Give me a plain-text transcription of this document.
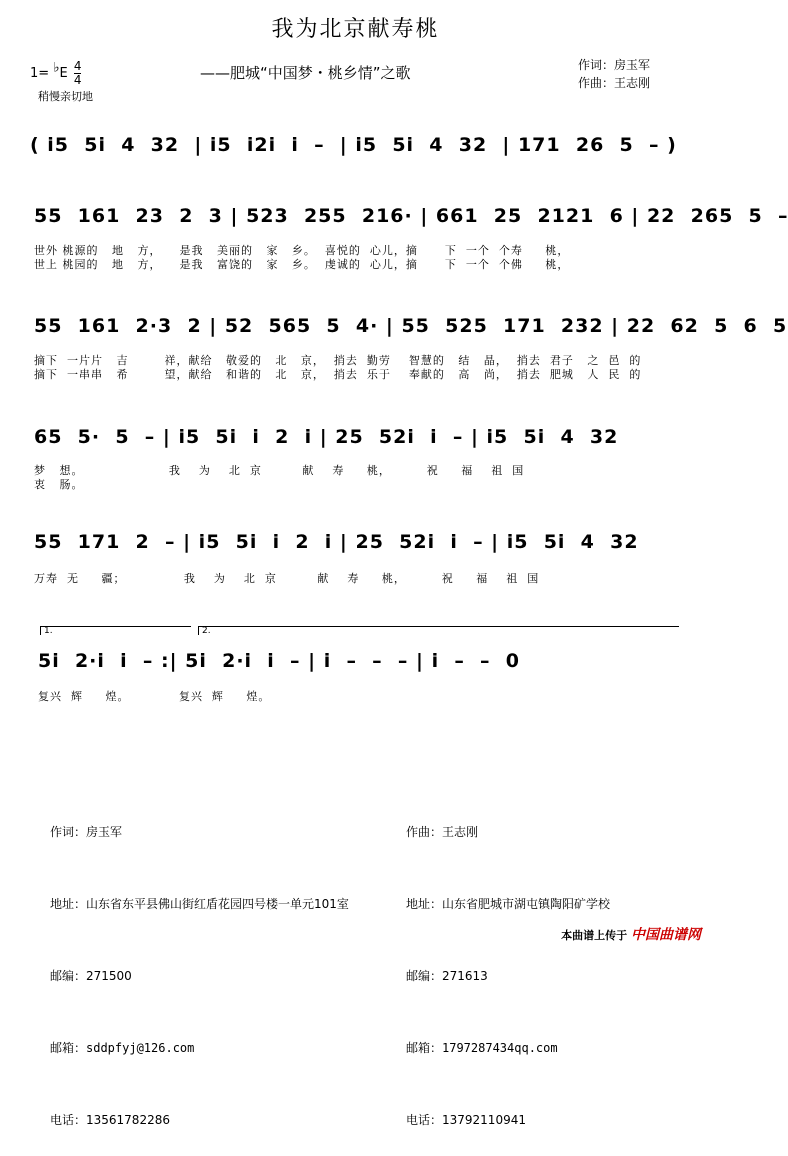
我为北京献寿桃
——肥城“中国梦・桃乡情”之歌
$1= ^♭E \frac{4}{4}$
稍慢亲切地
作词：房玉军
作曲：王志刚
( i5  5i  4  32  | i5  i2i  i  –  | i5  5i  4  32  | 171  26  5  – )
55  161  23  2  3 | 523  255  216· | 661  25  2121  6 | 22  265  5  –
世外 桃源的   地   方，    是我   美丽的   家   乡。  喜悦的  心儿，摘      下  一个  个寿     桃，
世上 桃园的   地   方，    是我   富饶的   家   乡。  虔诚的  心儿，摘      下  一个  个佛     桃，
55  161  2·3  2 | 52  565  5  4· | 55  525  171  232 | 22  62  5  6  5
摘下  一片片   吉        祥，献给   敬爱的   北   京，  捎去  勤劳    智慧的   结   晶，  捎去  君子   之  邑  的
摘下  一串串   希        望，献给   和谐的   北   京，  捎去  乐于    奉献的   高   尚，  捎去  肥城   人  民  的
65  5·  5  – | i5  5i  i  2  i | 25  52i  i  – | i5  5i  4  32
梦   想。                   我    为    北  京         献    寿     桃，        祝     福    祖  国
衷   肠。
55  171  2  – | i5  5i  i  2  i | 25  52i  i  – | i5  5i  4  32
万寿  无     疆；             我    为    北  京         献    寿     桃，        祝     福    祖  国
1.	2.
5i  2·i  i  – :| 5i  2·i  i  – | i  –  –  – | i  –  –  0
复兴  辉     煌。           复兴  辉     煌。

作词：房玉军

地址：山东省东平县佛山街红盾花园四号楼一单元101室

邮编：271500

邮箱：sddpfyj@126.com

电话：13561782286

作曲：王志刚

地址：山东省肥城市湖屯镇陶阳矿学校

邮编：271613

邮箱：1797287434qq.com

电话：13792110941

本曲谱上传于 中国曲谱网
